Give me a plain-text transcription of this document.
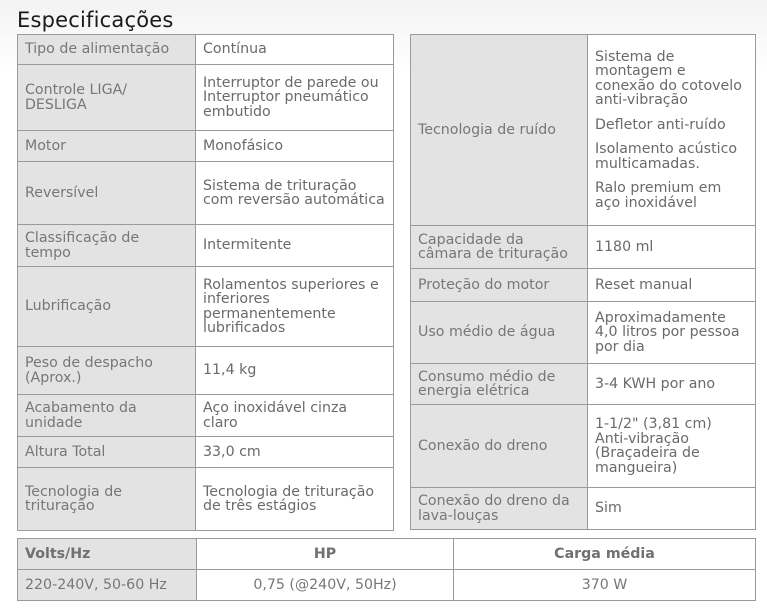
Especificações
Tipo de alimentação	Contínua
Controle LIGA/ DESLIGA	Interruptor de parede ou Interruptor pneumático embutido
Motor	Monofásico
Reversível	Sistema de trituração com reversão automática
Classificação de tempo	Intermitente
Lubrificação	Rolamentos superiores e inferiores permanentemente lubrificados
Peso de despacho (Aprox.)	11,4 kg
Acabamento da unidade	Aço inoxidável cinza claro
Altura Total	33,0 cm
Tecnologia de trituração	Tecnologia de trituração de três estágios
Tecnologia de ruído	Sistema de montagem e conexão do cotovelo anti-vibração
Defletor anti-ruído
Isolamento acústico multicamadas.
Ralo premium em aço inoxidável

Capacidade da câmara de trituração	1180 ml
Proteção do motor	Reset manual
Uso médio de água	Aproximadamente 4,0 litros por pessoa por dia
Consumo médio de energia elétrica	3-4 KWH por ano
Conexão do dreno	1-1/2" (3,81 cm) Anti-vibração (Braçadeira de mangueira)
Conexão do dreno da lava-louças	Sim
Volts/Hz	HP	Carga média
220-240V, 50-60 Hz	0,75 (@240V, 50Hz)	370 W
